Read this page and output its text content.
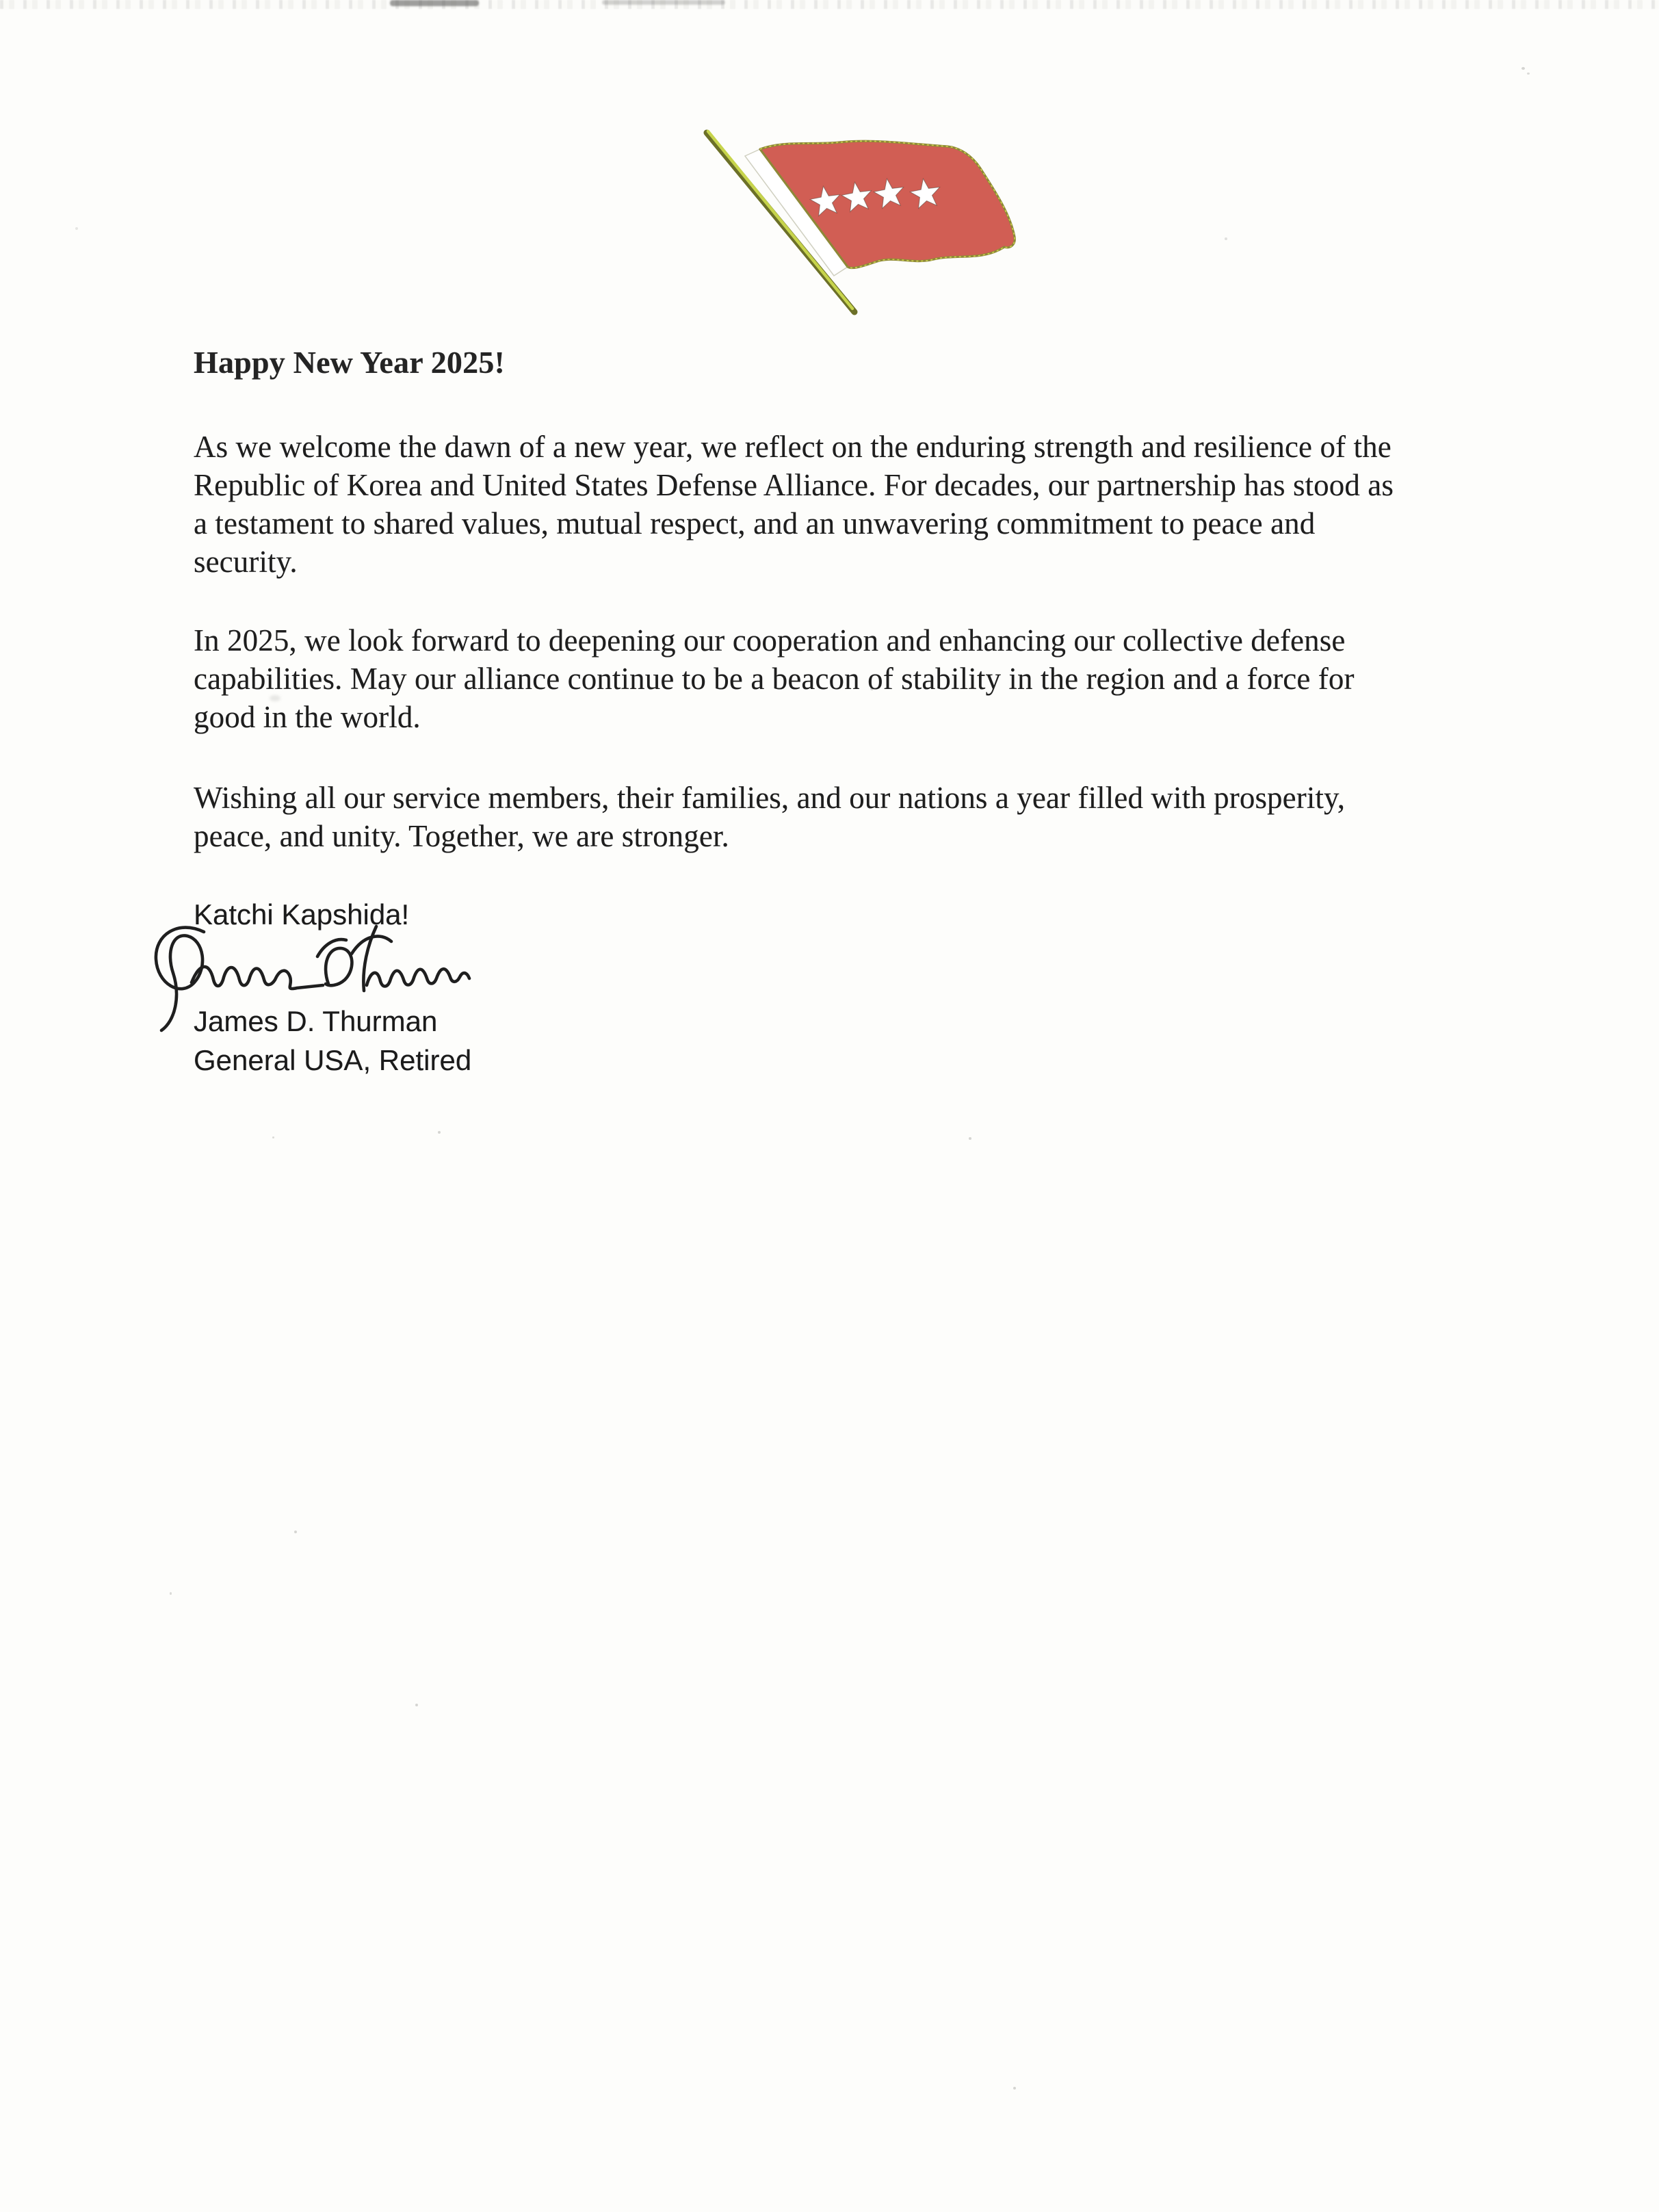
Happy New Year 2025!
As we welcome the dawn of a new year, we reflect on the enduring strength and resilience of the
Republic of Korea and United States Defense Alliance. For decades, our partnership has stood as
a testament to shared values, mutual respect, and an unwavering commitment to peace and
security.
In 2025, we look forward to deepening our cooperation and enhancing our collective defense
capabilities. May our alliance continue to be a beacon of stability in the region and a force for
good in the world.
Wishing all our service members, their families, and our nations a year filled with prosperity,
peace, and unity. Together, we are stronger.
Katchi Kapshida!
James D. Thurman
General USA, Retired
